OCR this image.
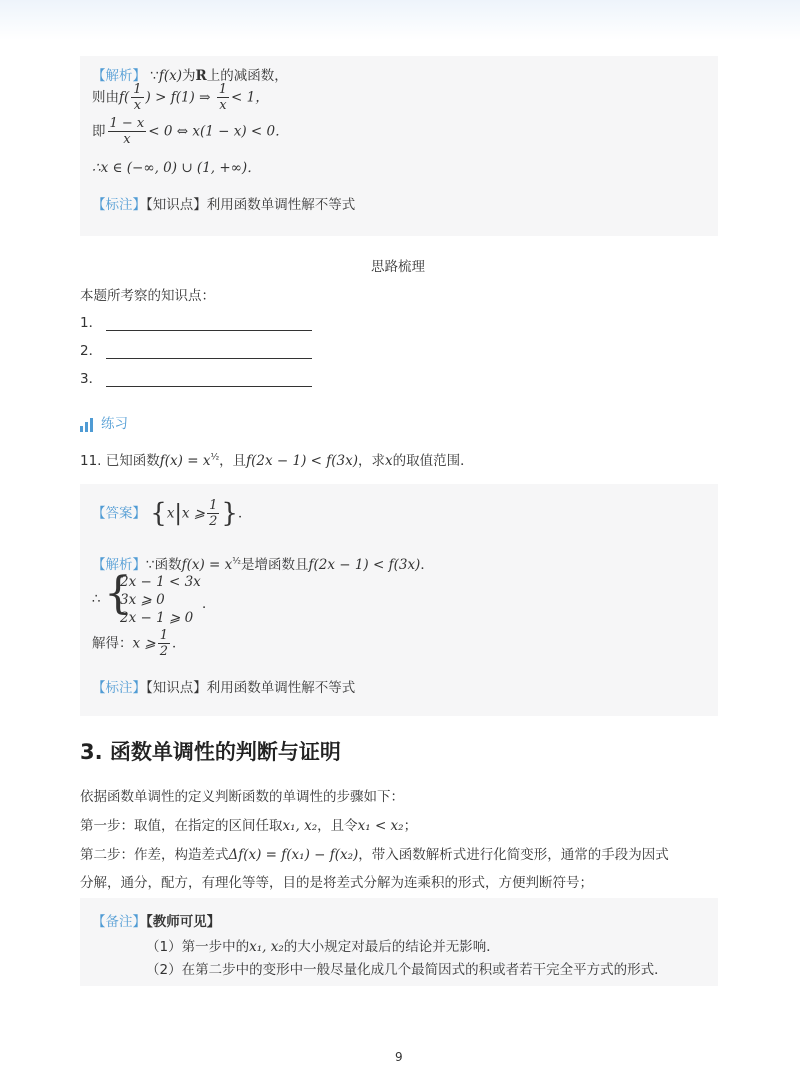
【解析】 ∵f(x)为R上的减函数，
则由$f( \frac{1}{x}$ ) > f(1) ⇒ $\frac{1}{x} < 1$，
即 $\frac{1 - x}{x} < 0$ ⇔ x(1 − x) < 0．
∴x ∈ (−∞, 0) ∪ (1, +∞)．
【标注】【知识点】利用函数单调性解不等式
思路梳理
本题所考察的知识点：
1．
2．
3．
练习
11. 已知函数$f(x) = x^{\frac{1}{2}}$，且f(2x − 1) < f(3x)，求x的取值范围．
【答案】 {x|x ⩾ $\frac{1}{2}$ }．
【解析】∵函数$f(x) = x^{\frac{1}{2}}$是增函数且f(2x − 1) < f(3x)．
∴ {
2x − 1 < 3x
3x ⩾ 0
2x − 1 ⩾ 0
．
解得：x ⩾ $\frac{1}{2}$ ．
【标注】【知识点】利用函数单调性解不等式
3. 函数单调性的判断与证明
依据函数单调性的定义判断函数的单调性的步骤如下：
第一步：取值，在指定的区间任取x₁, x₂，且令x₁ < x₂；
第二步：作差，构造差式Δf(x) = f(x₁) − f(x₂)，带入函数解析式进行化简变形，通常的手段为因式
分解，通分，配方，有理化等等，目的是将差式分解为连乘积的形式，方便判断符号；
【备注】【教师可见】
（1）第一步中的x₁, x₂的大小规定对最后的结论并无影响．
（2）在第二步中的变形中一般尽量化成几个最简因式的积或者若干完全平方式的形式．
9
